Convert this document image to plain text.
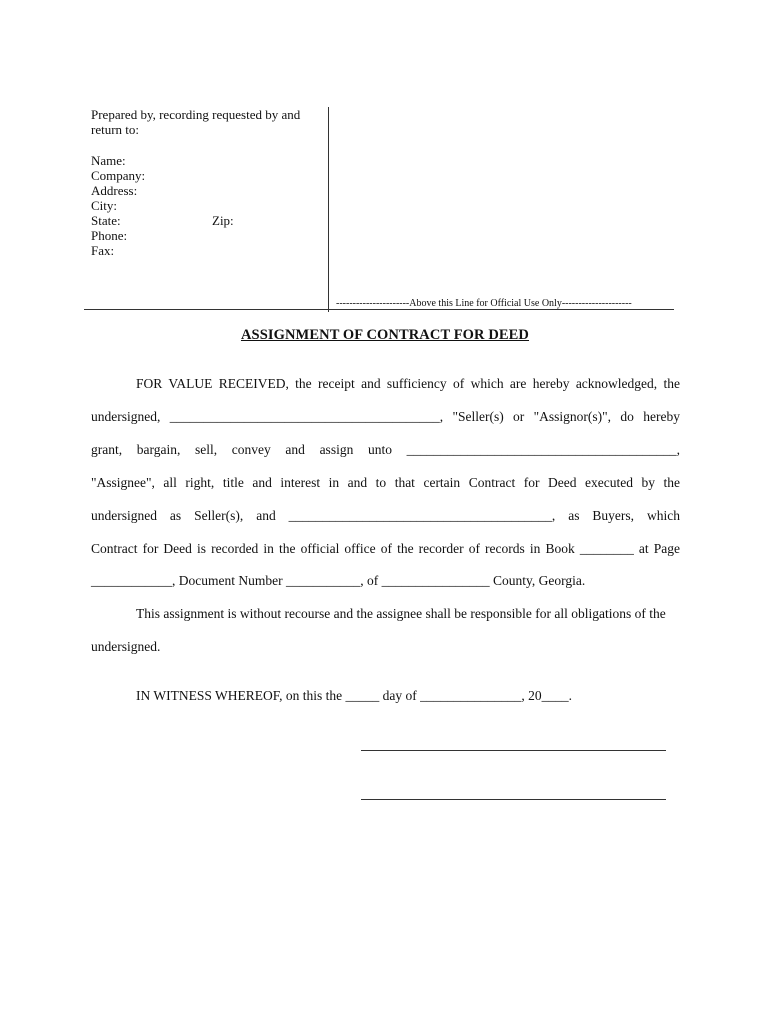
Prepared by, recording requested by and
return to:
Name:
Company:
Address:
City:
State:	Zip:
Phone:
Fax:
----------------------Above this Line for Official Use Only---------------------
ASSIGNMENT OF CONTRACT FOR DEED
FOR VALUE RECEIVED, the receipt and sufficiency of which are hereby acknowledged, the
undersigned, ________________________________________, "Seller(s) or "Assignor(s)", do hereby
grant, bargain, sell, convey and assign unto ________________________________________,
"Assignee", all right, title and interest in and to that certain Contract for Deed executed by the
undersigned as Seller(s), and _______________________________________, as Buyers, which
Contract for Deed is recorded in the official office of the recorder of records in Book ________ at Page
____________, Document Number ___________, of ________________ County, Georgia.
This assignment is without recourse and the assignee shall be responsible for all obligations of the
undersigned.
IN WITNESS WHEREOF, on this the _____ day of _______________, 20____.
